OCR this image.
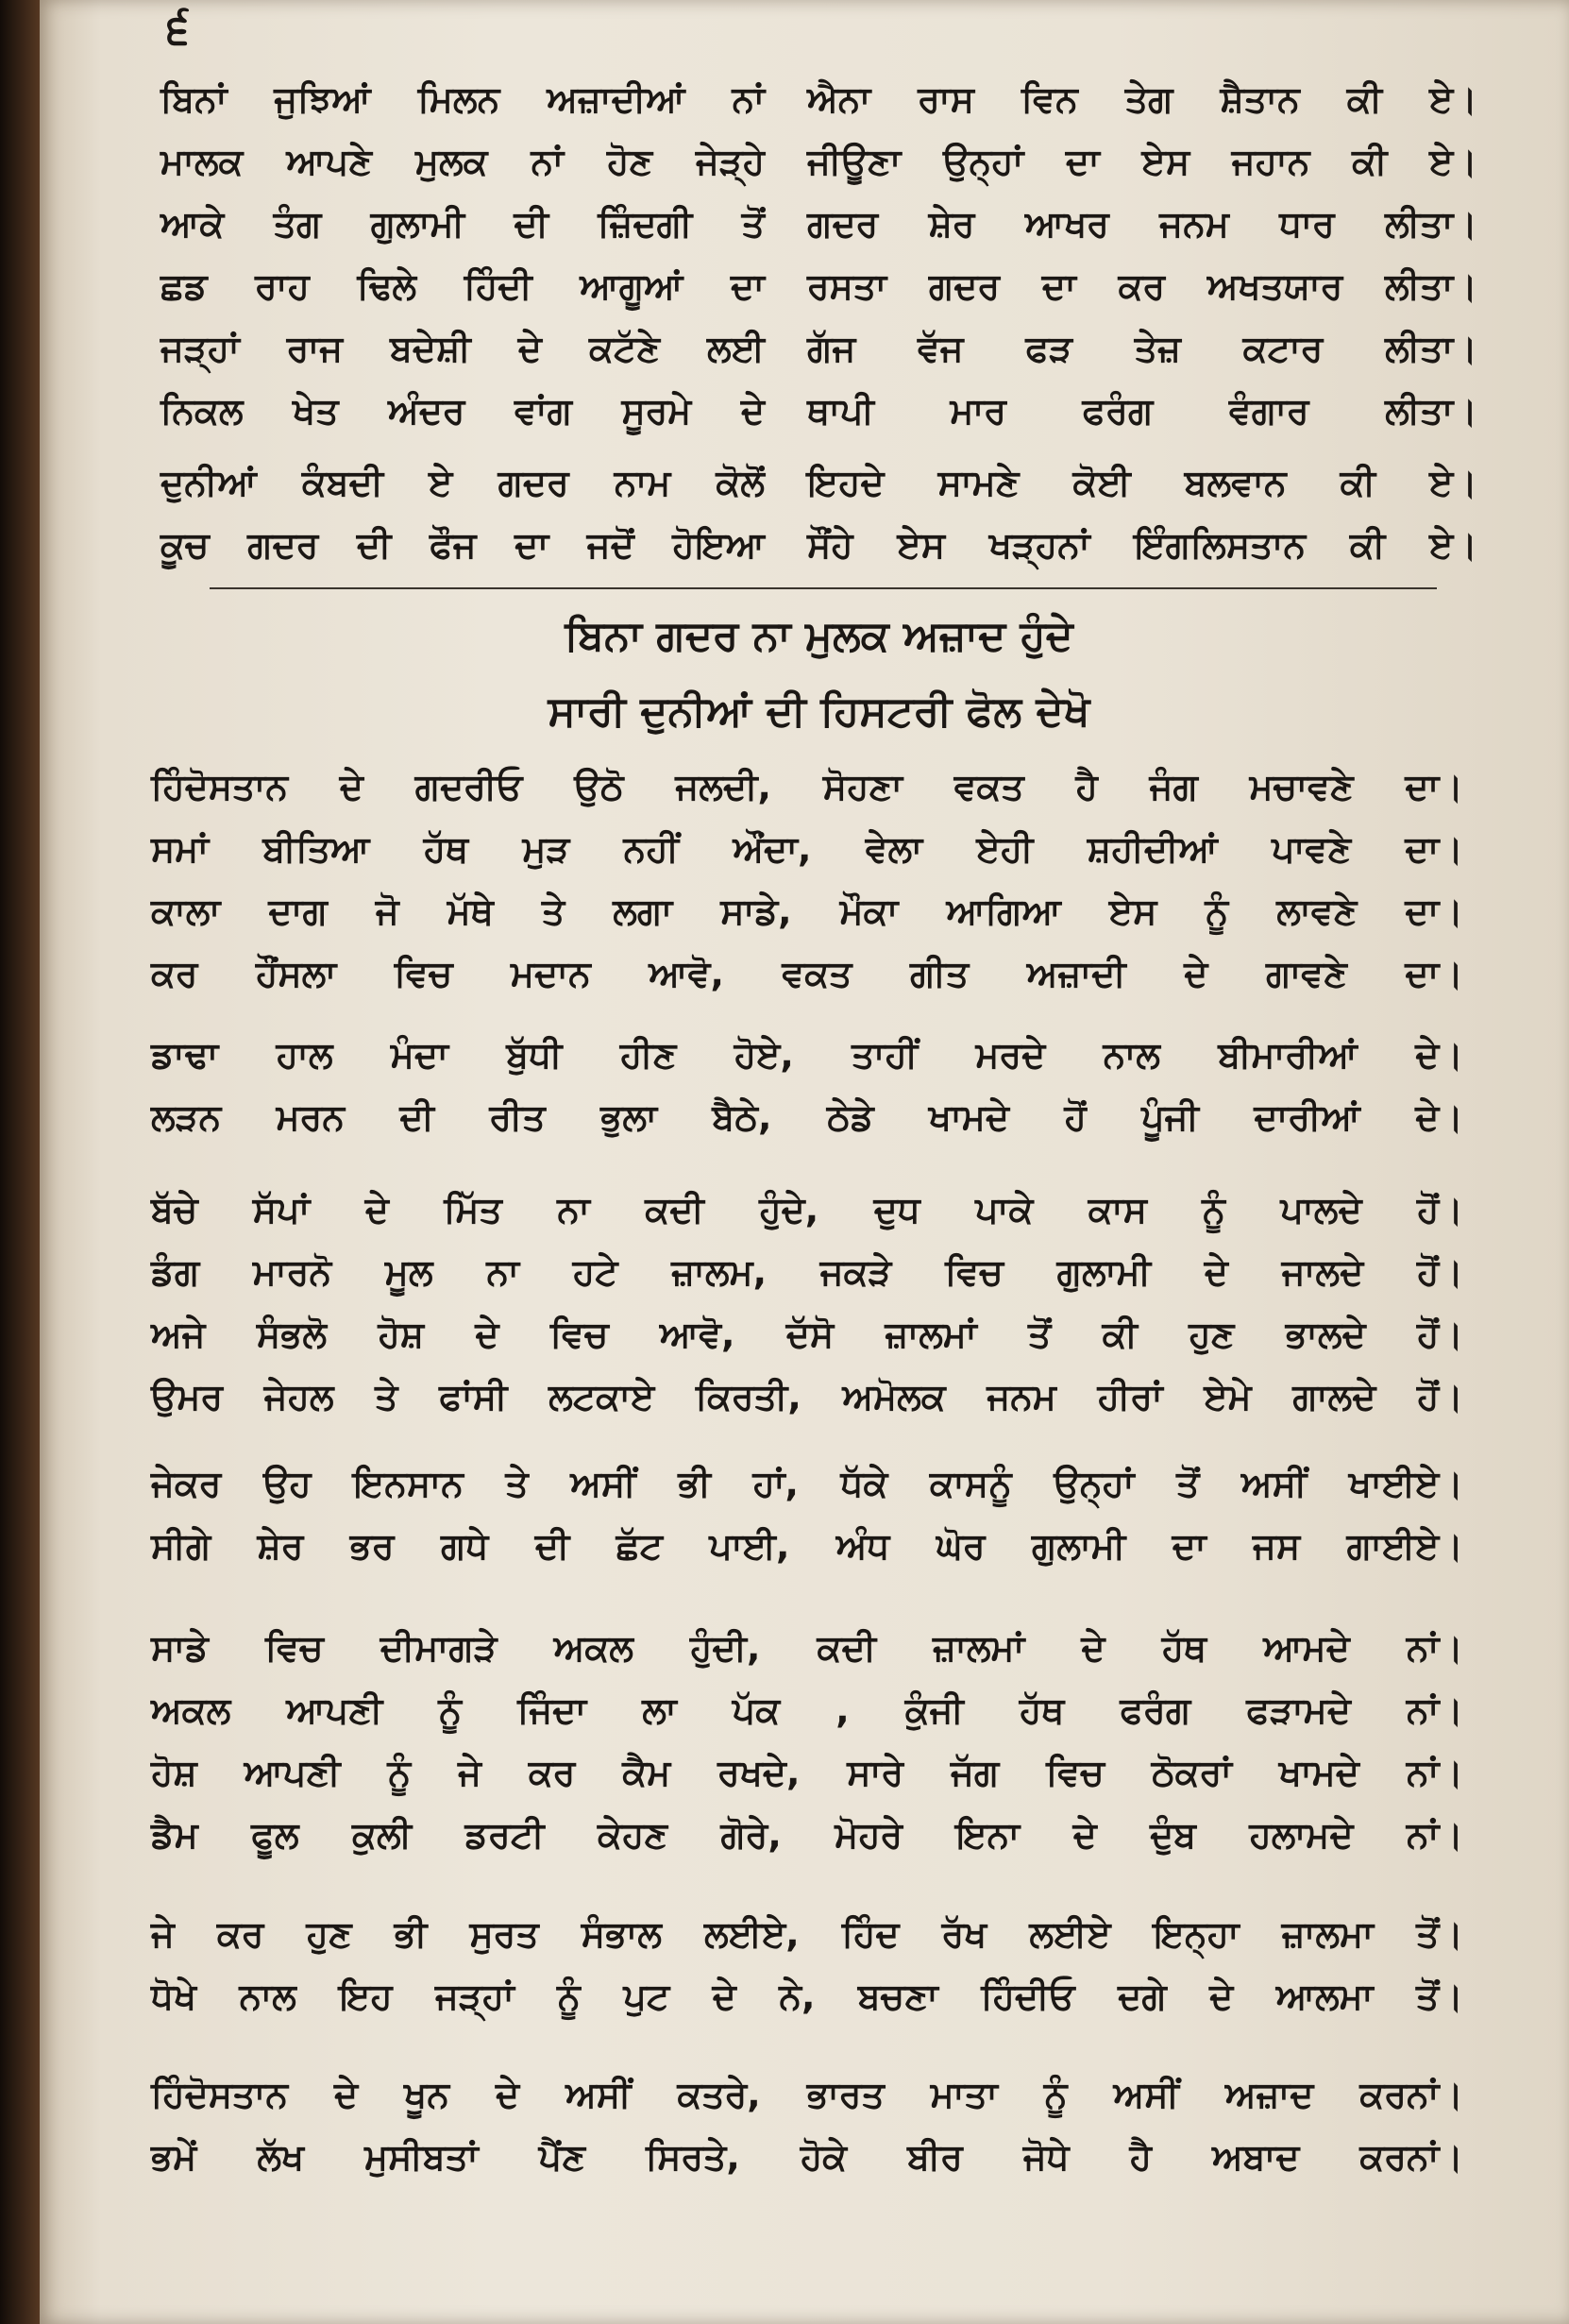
੬
ਬਿਨਾਂ ਜੁਝਿਆਂ ਮਿਲਨ ਅਜ਼ਾਦੀਆਂ ਨਾਂ	ਐਨਾ ਰਾਸ ਵਿਨ ਤੇਗ ਸ਼ੈਤਾਨ ਕੀ ਏ।
ਮਾਲਕ ਆਪਣੇ ਮੁਲਕ ਨਾਂ ਹੋਣ ਜੇੜ੍ਹੇ	ਜੀਊਣਾ ਉਨ੍ਹਾਂ ਦਾ ਏਸ ਜਹਾਨ ਕੀ ਏ।
ਆਕੇ ਤੰਗ ਗੁਲਾਮੀ ਦੀ ਜ਼ਿੰਦਗੀ ਤੋਂ	ਗਦਰ ਸ਼ੇਰ ਆਖਰ ਜਨਮ ਧਾਰ ਲੀਤਾ।
ਛਡ ਰਾਹ ਢਿਲੇ ਹਿੰਦੀ ਆਗੂਆਂ ਦਾ	ਰਸਤਾ ਗਦਰ ਦਾ ਕਰ ਅਖਤਯਾਰ ਲੀਤਾ।
ਜੜ੍ਹਾਂ ਰਾਜ ਬਦੇਸ਼ੀ ਦੇ ਕਟੱਣੇ ਲਈ	ਗੱਜ ਵੱਜ ਫੜ ਤੇਜ਼ ਕਟਾਰ ਲੀਤਾ।
ਨਿਕਲ ਖੇਤ ਅੰਦਰ ਵਾਂਗ ਸੂਰਮੇ ਦੇ	ਥਾਪੀ ਮਾਰ ਫਰੰਗ ਵੰਗਾਰ ਲੀਤਾ।
ਦੁਨੀਆਂ ਕੰਬਦੀ ਏ ਗਦਰ ਨਾਮ ਕੋਲੋਂ	ਇਹਦੇ ਸਾਮਣੇ ਕੋਈ ਬਲਵਾਨ ਕੀ ਏ।
ਕੂਚ ਗਦਰ ਦੀ ਫੌਜ ਦਾ ਜਦੋਂ ਹੋਇਆ	ਸੌਂਹੇ ਏਸ ਖੜ੍ਹਨਾਂ ਇੰਗਲਿਸਤਾਨ ਕੀ ਏ।
ਬਿਨਾ ਗਦਰ ਨਾ ਮੁਲਕ ਅਜ਼ਾਦ ਹੁੰਦੇ
ਸਾਰੀ ਦੁਨੀਆਂ ਦੀ ਹਿਸਟਰੀ ਫੋਲ ਦੇਖੋ
ਹਿੰਦੋਸਤਾਨ ਦੇ ਗਦਰੀਓ ਉਠੋ ਜਲਦੀ, ਸੋਹਣਾ ਵਕਤ ਹੈ ਜੰਗ ਮਚਾਵਣੇ ਦਾ।
ਸਮਾਂ ਬੀਤਿਆ ਹੱਥ ਮੁੜ ਨਹੀਂ ਔਂਦਾ, ਵੇਲਾ ਏਹੀ ਸ਼ਹੀਦੀਆਂ ਪਾਵਣੇ ਦਾ।
ਕਾਲਾ ਦਾਗ ਜੋ ਮੱਥੇ ਤੇ ਲਗਾ ਸਾਡੇ, ਮੌਕਾ ਆਗਿਆ ਏਸ ਨੂੰ ਲਾਵਣੇ ਦਾ।
ਕਰ ਹੌਂਸਲਾ ਵਿਚ ਮਦਾਨ ਆਵੋ, ਵਕਤ ਗੀਤ ਅਜ਼ਾਦੀ ਦੇ ਗਾਵਣੇ ਦਾ।
ਡਾਢਾ ਹਾਲ ਮੰਦਾ ਬੁੱਧੀ ਹੀਣ ਹੋਏ, ਤਾਹੀਂ ਮਰਦੇ ਨਾਲ ਬੀਮਾਰੀਆਂ ਦੇ।
ਲੜਨ ਮਰਨ ਦੀ ਰੀਤ ਭੁਲਾ ਬੈਠੇ, ਠੇਡੇ ਖਾਮਦੇ ਹੋਂ ਪੂੰਜੀ ਦਾਰੀਆਂ ਦੇ।
ਬੱਚੇ ਸੱਪਾਂ ਦੇ ਮਿੱਤ ਨਾ ਕਦੀ ਹੁੰਦੇ, ਦੁਧ ਪਾਕੇ ਕਾਸ ਨੂੰ ਪਾਲਦੇ ਹੋਂ।
ਡੰਗ ਮਾਰਨੋ ਮੂਲ ਨਾ ਹਟੇ ਜ਼ਾਲਮ, ਜਕੜੇ ਵਿਚ ਗੁਲਾਮੀ ਦੇ ਜਾਲਦੇ ਹੋਂ।
ਅਜੇ ਸੰਭਲੋ ਹੋਸ਼ ਦੇ ਵਿਚ ਆਵੋ, ਦੱਸੋ ਜ਼ਾਲਮਾਂ ਤੋਂ ਕੀ ਹੁਣ ਭਾਲਦੇ ਹੋਂ।
ਉਮਰ ਜੇਹਲ ਤੇ ਫਾਂਸੀ ਲਟਕਾਏ ਕਿਰਤੀ, ਅਮੋਲਕ ਜਨਮ ਹੀਰਾਂ ਏਮੇ ਗਾਲਦੇ ਹੋਂ।
ਜੇਕਰ ਉਹ ਇਨਸਾਨ ਤੇ ਅਸੀਂ ਭੀ ਹਾਂ, ਧੱਕੇ ਕਾਸਨੂੰ ਉਨ੍ਹਾਂ ਤੋਂ ਅਸੀਂ ਖਾਈਏ।
ਸੀਗੇ ਸ਼ੇਰ ਭਰ ਗਧੇ ਦੀ ਛੱਟ ਪਾਈ, ਅੰਧ ਘੋਰ ਗੁਲਾਮੀ ਦਾ ਜਸ ਗਾਈਏ।
ਸਾਡੇ ਵਿਚ ਦੀਮਾਗੜੇ ਅਕਲ ਹੁੰਦੀ, ਕਦੀ ਜ਼ਾਲਮਾਂ ਦੇ ਹੱਥ ਆਮਦੇ ਨਾਂ।
ਅਕਲ ਆਪਣੀ ਨੂੰ ਜਿੰਦਾ ਲਾ ਪੱਕ , ਕੁੰਜੀ ਹੱਥ ਫਰੰਗ ਫੜਾਮਦੇ ਨਾਂ।
ਹੋਸ਼ ਆਪਣੀ ਨੂੰ ਜੇ ਕਰ ਕੈਮ ਰਖਦੇ, ਸਾਰੇ ਜੱਗ ਵਿਚ ਠੋਕਰਾਂ ਖਾਮਦੇ ਨਾਂ।
ਡੈਮ ਫੂਲ ਕੁਲੀ ਡਰਟੀ ਕੇਹਣ ਗੋਰੇ, ਮੋਹਰੇ ਇਨਾ ਦੇ ਦੁੰਬ ਹਲਾਮਦੇ ਨਾਂ।
ਜੇ ਕਰ ਹੁਣ ਭੀ ਸੁਰਤ ਸੰਭਾਲ ਲਈਏ, ਹਿੰਦ ਰੱਖ ਲਈਏ ਇਨ੍ਹਾ ਜ਼ਾਲਮਾ ਤੋਂ।
ਧੋਖੇ ਨਾਲ ਇਹ ਜੜ੍ਹਾਂ ਨੂੰ ਪੁਟ ਦੇ ਨੇ, ਬਚਣਾ ਹਿੰਦੀਓ ਦਗੇ ਦੇ ਆਲਮਾ ਤੋਂ।
ਹਿੰਦੋਸਤਾਨ ਦੇ ਖੂਨ ਦੇ ਅਸੀਂ ਕਤਰੇ, ਭਾਰਤ ਮਾਤਾ ਨੂੰ ਅਸੀਂ ਅਜ਼ਾਦ ਕਰਨਾਂ।
ਭਮੇਂ ਲੱਖ ਮੁਸੀਬਤਾਂ ਪੈਂਣ ਸਿਰਤੇ, ਹੋਕੇ ਬੀਰ ਜੋਧੇ ਹੈ ਅਬਾਦ ਕਰਨਾਂ।
